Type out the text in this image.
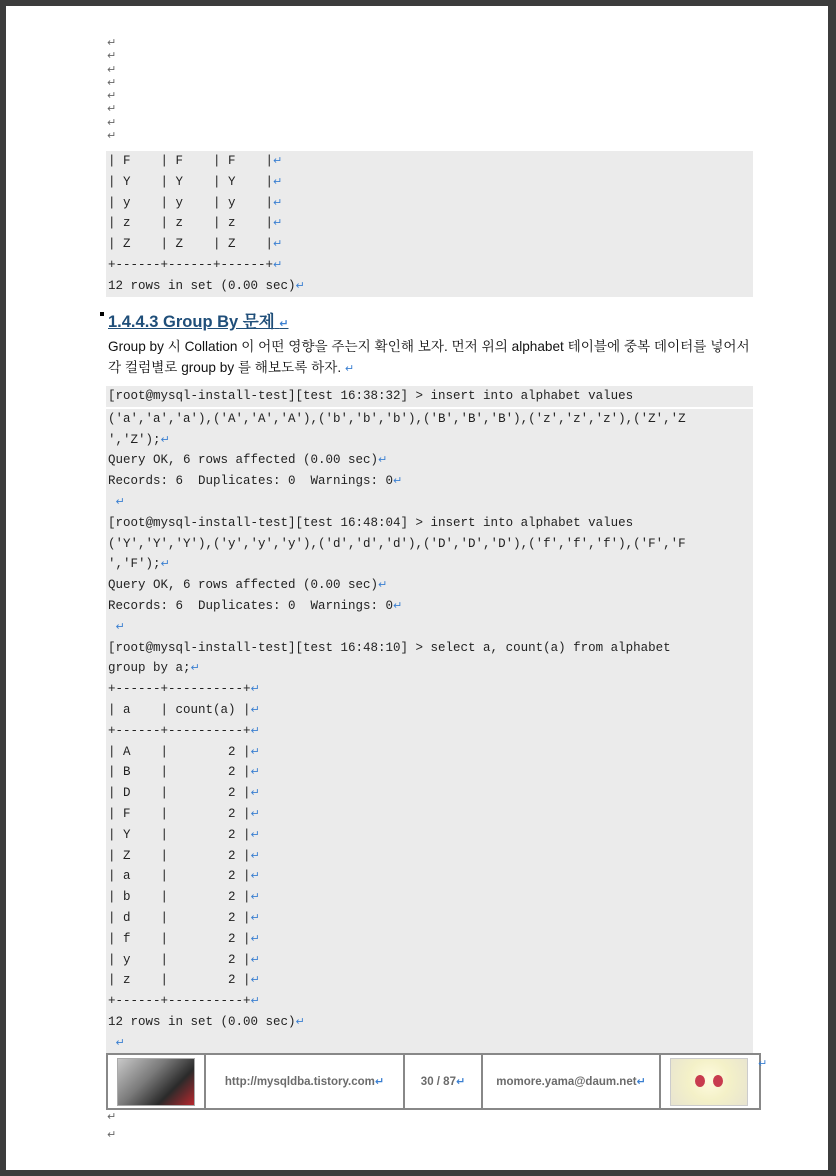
↵
↵
↵
↵
↵
↵
↵
↵
| F    | F    | F    |↵
| Y    | Y    | Y    |↵
| y    | y    | y    |↵
| z    | z    | z    |↵
| Z    | Z    | Z    |↵
+------+------+------+↵
12 rows in set (0.00 sec)↵
1.4.4.3 Group By 문제 ↵
Group by 시 Collation 이 어떤 영향을 주는지 확인해 보자. 먼저 위의 alphabet 테이블에 중복 데이터를 넣어서 각 컬럼별로 group by 를 해보도록 하자. ↵
[root@mysql-install-test][test 16:38:32] > insert into alphabet values
('a','a','a'),('A','A','A'),('b','b','b'),('B','B','B'),('z','z','z'),('Z','Z
','Z');↵
Query OK, 6 rows affected (0.00 sec)↵
Records: 6  Duplicates: 0  Warnings: 0↵
↵
[root@mysql-install-test][test 16:48:04] > insert into alphabet values
('Y','Y','Y'),('y','y','y'),('d','d','d'),('D','D','D'),('f','f','f'),('F','F
','F');↵
Query OK, 6 rows affected (0.00 sec)↵
Records: 6  Duplicates: 0  Warnings: 0↵
↵
[root@mysql-install-test][test 16:48:10] > select a, count(a) from alphabet
group by a;↵
+------+----------+↵
| a    | count(a) |↵
+------+----------+↵
| A    |        2 |↵
| B    |        2 |↵
| D    |        2 |↵
| F    |        2 |↵
| Y    |        2 |↵
| Z    |        2 |↵
| a    |        2 |↵
| b    |        2 |↵
| d    |        2 |↵
| f    |        2 |↵
| y    |        2 |↵
| z    |        2 |↵
+------+----------+↵
12 rows in set (0.00 sec)↵
↵
http://mysqldba.tistory.com ↵	30 / 87 ↵	momore.yama@daum.net ↵
↵
↵
↵
